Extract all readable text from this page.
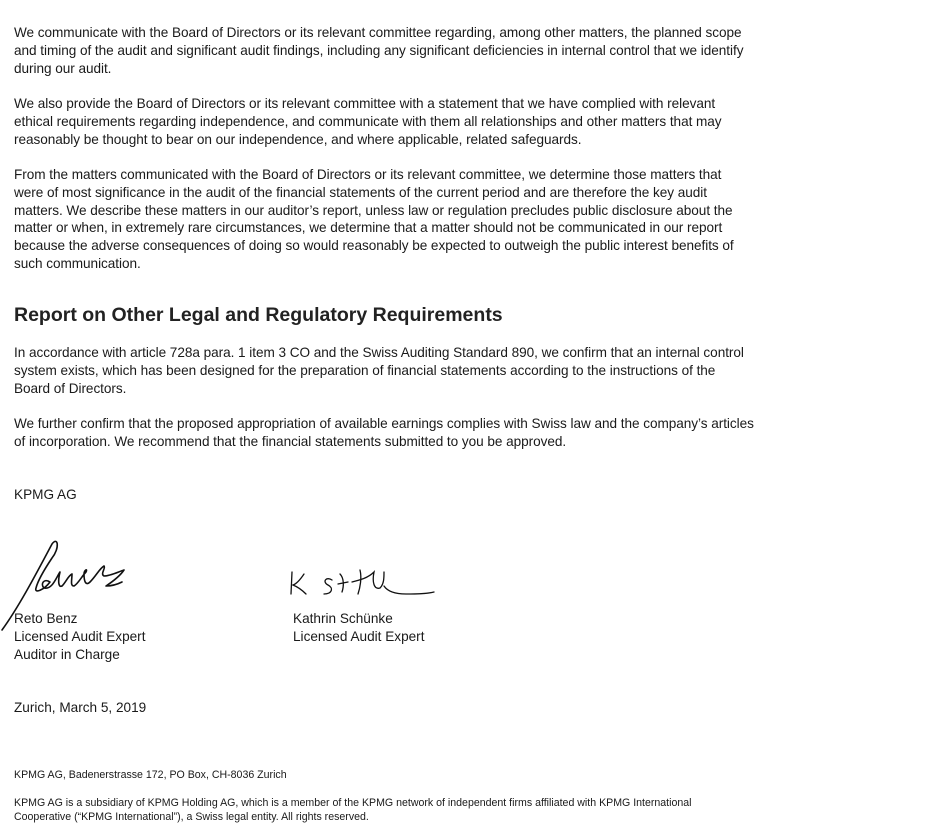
We communicate with the Board of Directors or its relevant committee regarding, among other matters, the planned scope and timing of the audit and significant audit findings, including any significant deficiencies in internal control that we identify during our audit.

We also provide the Board of Directors or its relevant committee with a statement that we have complied with relevant ethical requirements regarding independence, and communicate with them all relationships and other matters that may reasonably be thought to bear on our independence, and where applicable, related safeguards.

From the matters communicated with the Board of Directors or its relevant committee, we determine those matters that were of most significance in the audit of the financial statements of the current period and are therefore the key audit matters. We describe these matters in our auditor’s report, unless law or regulation precludes public disclosure about the matter or when, in extremely rare circumstances, we determine that a matter should not be communicated in our report because the adverse consequences of doing so would reasonably be expected to outweigh the public interest benefits of such communication.

Report on Other Legal and Regulatory Requirements

In accordance with article 728a para. 1 item 3 CO and the Swiss Auditing Standard 890, we confirm that an internal control system exists, which has been designed for the preparation of financial statements according to the instructions of the Board of Directors.

We further confirm that the proposed appropriation of available earnings complies with Swiss law and the company’s articles of incorporation. We recommend that the financial statements submitted to you be approved.

KPMG AG
Reto Benz
Licensed Audit Expert
Auditor in Charge
Kathrin Schünke
Licensed Audit Expert
Zurich, March 5, 2019
KPMG AG, Badenerstrasse 172, PO Box, CH-8036 Zurich
KPMG AG is a subsidiary of KPMG Holding AG, which is a member of the KPMG network of independent firms affiliated with KPMG International Cooperative (“KPMG International”), a Swiss legal entity. All rights reserved.
